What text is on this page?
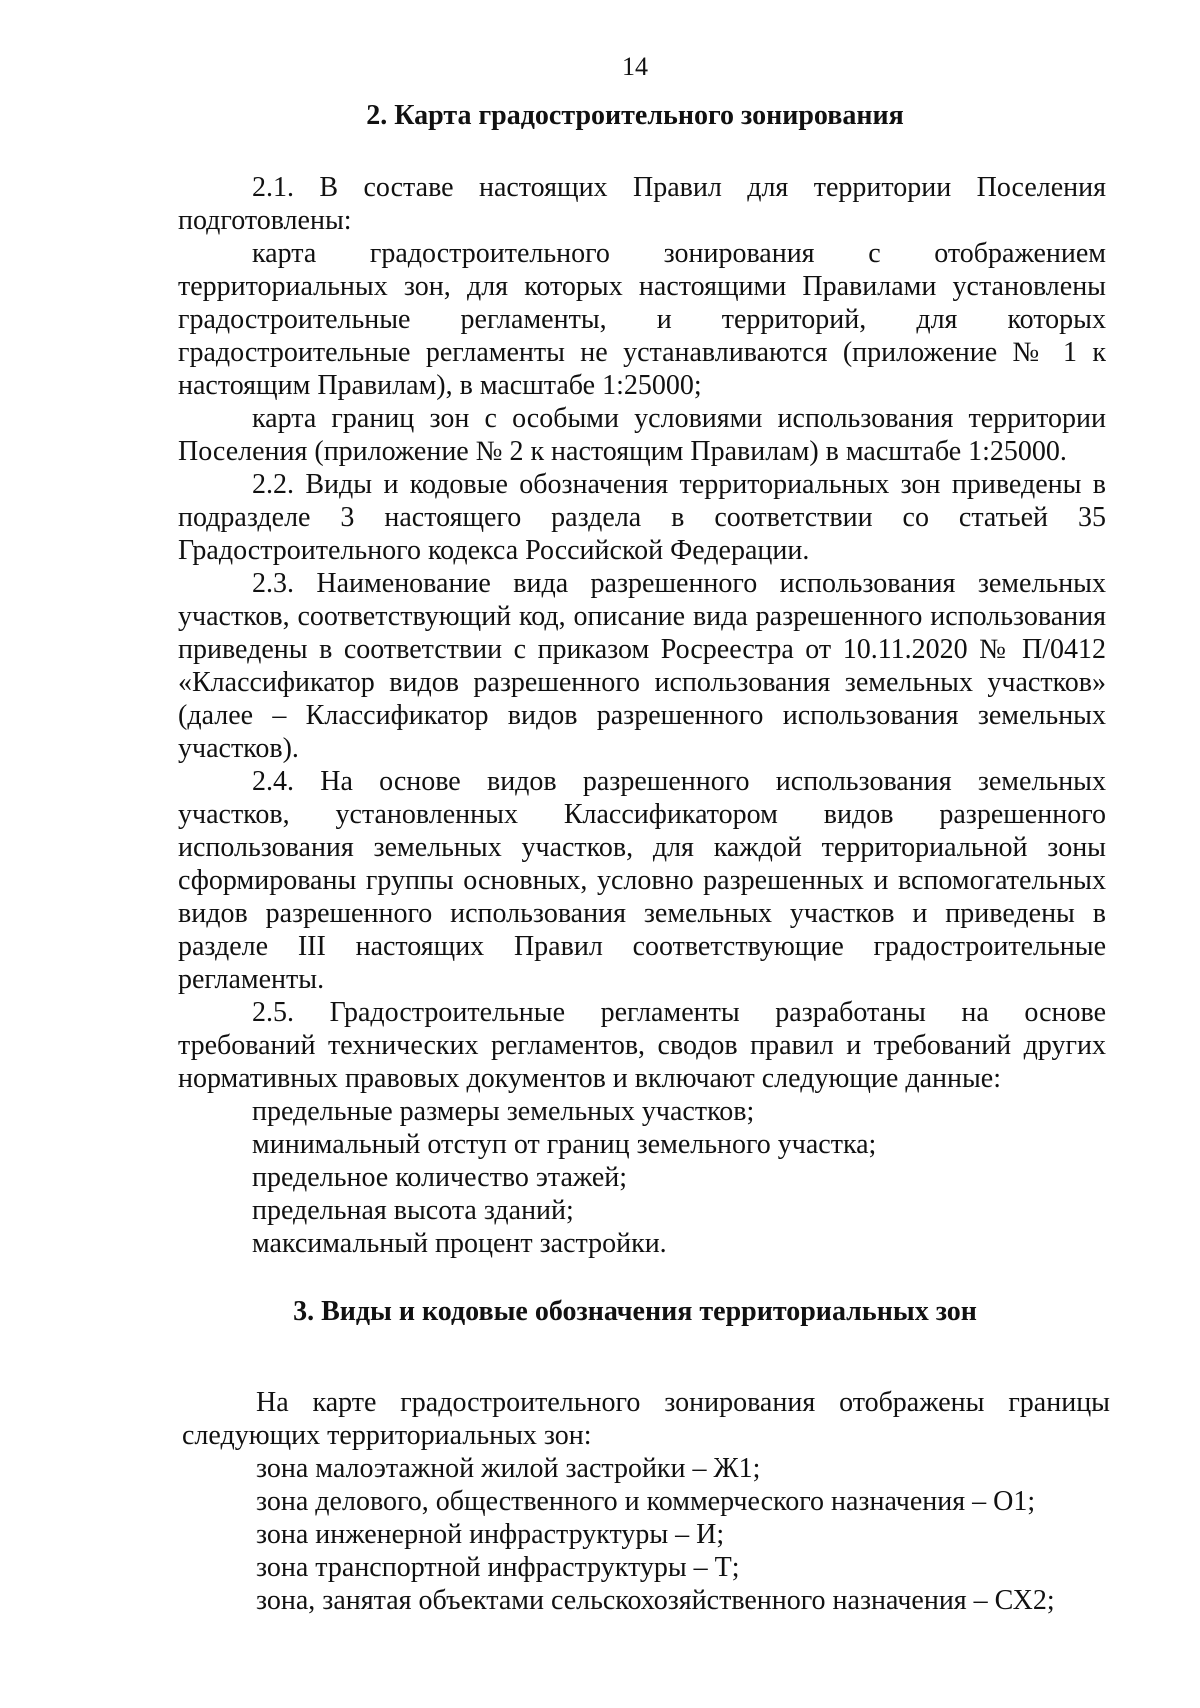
14
2. Карта градостроительного зонирования

2.1. В составе настоящих Правил для территории Поселения подготовлены:

карта градостроительного зонирования с отображением территориальных зон, для которых настоящими Правилами установлены градостроительные регламенты, и территорий, для которых градостроительные регламенты не устанавливаются (приложение № 1 к настоящим Правилам), в масштабе 1:25000;

карта границ зон с особыми условиями использования территории Поселения (приложение № 2 к настоящим Правилам) в масштабе 1:25000.

2.2. Виды и кодовые обозначения территориальных зон приведены в подразделе 3 настоящего раздела в соответствии со статьей 35 Градостроительного кодекса Российской Федерации.

2.3. Наименование вида разрешенного использования земельных участков, соответствующий код, описание вида разрешенного использования приведены в соответствии с приказом Росреестра от 10.11.2020 № П/0412 «Классификатор видов разрешенного использования земельных участков» (далее – Классификатор видов разрешенного использования земельных участков).

2.4. На основе видов разрешенного использования земельных участков, установленных Классификатором видов разрешенного использования земельных участков, для каждой территориальной зоны сформированы группы основных, условно разрешенных и вспомогательных видов разрешенного использования земельных участков и приведены в разделе III настоящих Правил соответствующие градостроительные регламенты.

2.5. Градостроительные регламенты разработаны на основе требований технических регламентов, сводов правил и требований других нормативных правовых документов и включают следующие данные:

предельные размеры земельных участков;

минимальный отступ от границ земельного участка;

предельное количество этажей;

предельная высота зданий;

максимальный процент застройки.

3. Виды и кодовые обозначения территориальных зон

На карте градостроительного зонирования отображены границы следующих территориальных зон:

зона малоэтажной жилой застройки – Ж1;

зона делового, общественного и коммерческого назначения – О1;

зона инженерной инфраструктуры – И;

зона транспортной инфраструктуры – Т;

зона, занятая объектами сельскохозяйственного назначения – СХ2;
